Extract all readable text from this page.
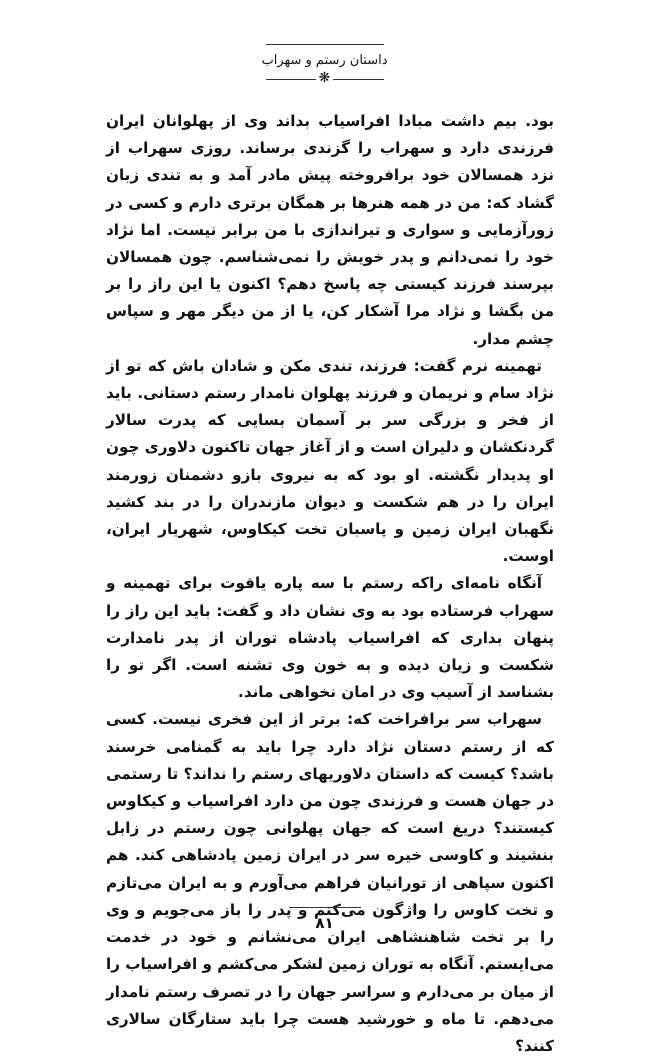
داستان رستم و سهراب
❋

بود. بیم داشت مبادا افراسیاب بداند وی از پهلوانان ایران فرزندی دارد و سهراب را گزندی برساند. روزی سهراب از نزد همسالان خود برافروخته پیش مادر آمد و به تندی زبان گشاد که: من در همه هنرها بر همگان برتری دارم و کسی در زورآزمایی و سواری و تیراندازی با من برابر نیست. اما نژاد خود را نمی‌دانم و پدر خویش را نمی‌شناسم. چون همسالان بپرسند فرزند کیستی چه پاسخ دهم؟ اکنون یا این راز را بر من بگشا و نژاد مرا آشکار کن، یا از من دیگر مهر و سپاس چشم مدار.

تهمینه نرم گفت: فرزند، تندی مکن و شادان باش که تو از نژاد سام و نریمان و فرزند پهلوان نامدار رستم دستانی. باید از فخر و بزرگی سر بر آسمان بسایی که پدرت سالار گردنکشان و دلیران است و از آغاز جهان تاکنون دلاوری چون او پدیدار نگشته. او بود که به نیروی بازو دشمنان زورمند ایران را در هم شکست و دیوان مازندران را در بند کشید نگهبان ایران زمین و پاسبان تخت کیکاوس، شهریار ایران، اوست.

آنگاه نامه‌ای راکه رستم با سه پاره یاقوت برای تهمینه و سهراب فرستاده بود به وی نشان داد و گفت: باید این راز را پنهان بداری که افراسیاب پادشاه توران از پدر نامدارت شکست و زیان دیده و به خون وی تشنه است. اگر تو را بشناسد از آسیب وی در امان نخواهی ماند.

سهراب سر برافراخت که: برتر از این فخری نیست. کسی که از رستم دستان نژاد دارد چرا باید به گمنامی خرسند باشد؟ کیست که داستان دلاوریهای رستم را نداند؟ تا رستمی در جهان هست و فرزندی چون من دارد افراسیاب و کیکاوس کیستند؟ دریغ است که جهان پهلوانی چون رستم در زابل بنشیند و کاوسی خیره سر در ایران زمین پادشاهی کند. هم اکنون سپاهی از تورانیان فراهم می‌آورم و به ایران می‌تازم و تخت کاوس را واژگون می‌کنم و پدر را باز می‌جویم و وی را بر تخت شاهنشاهی ایران می‌نشانم و خود در خدمت می‌ایستم. آنگاه به توران زمین لشکر می‌کشم و افراسیاب را از میان بر می‌دارم و سراسر جهان را در تصرف رستم نامدار می‌دهم. تا ماه و خورشید هست چرا باید ستارگان سالاری کنند؟

۸۱
